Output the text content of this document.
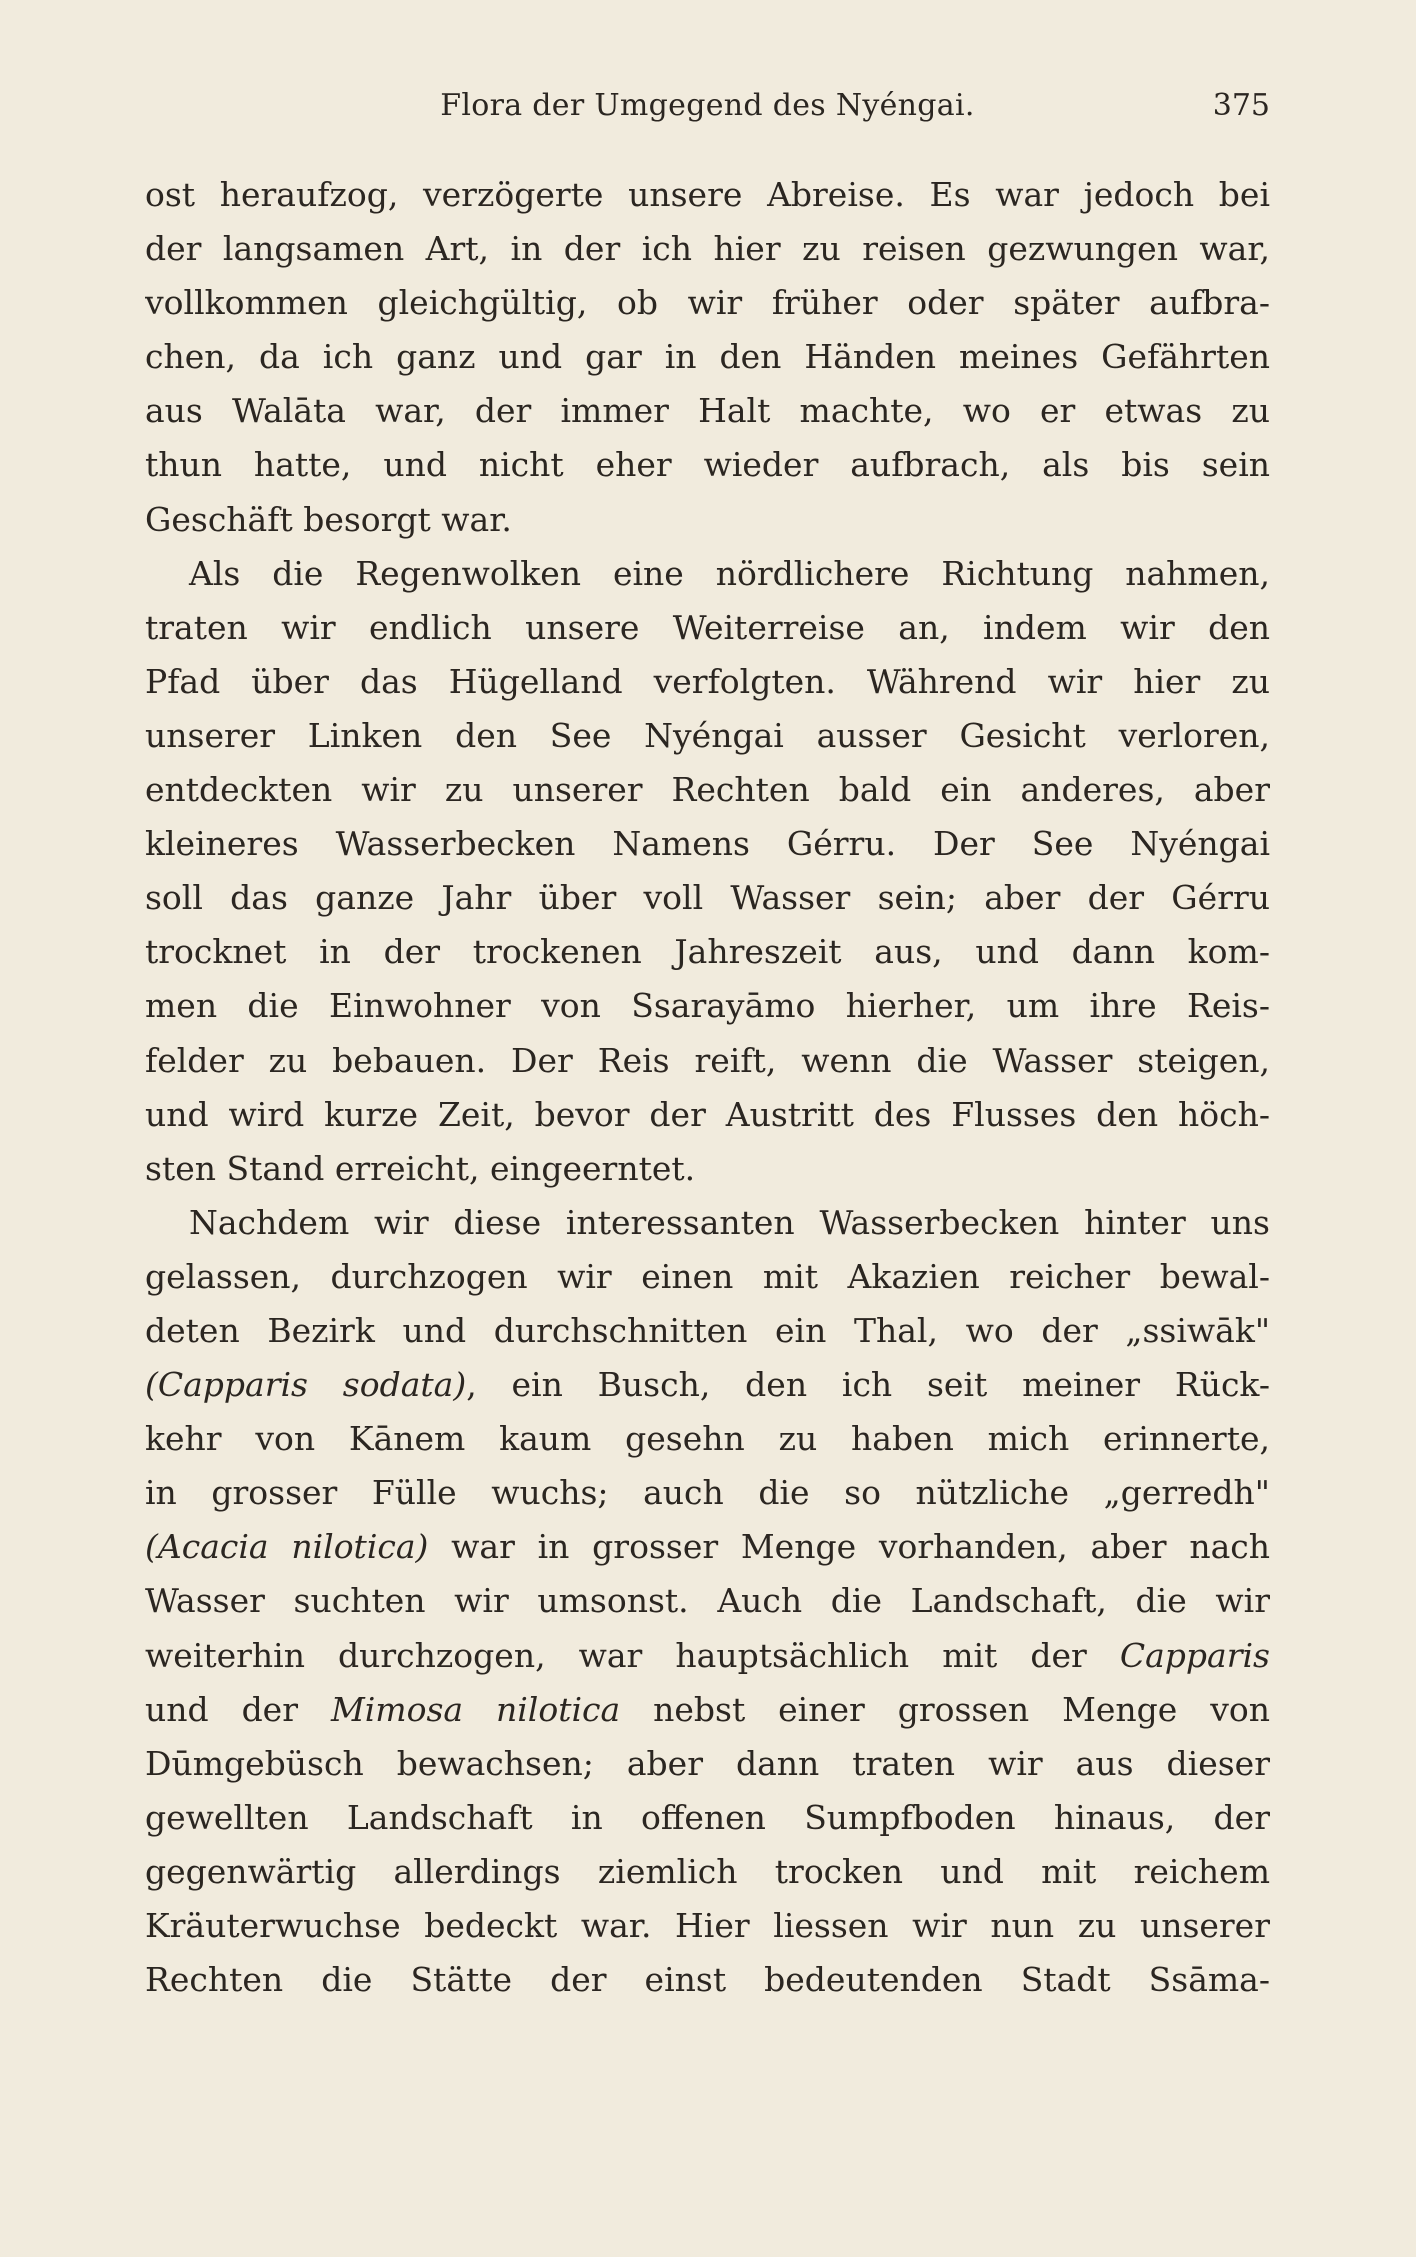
Flora der Umgegend des Nyéngai.	375
ost heraufzog, verzögerte unsere Abreise. Es war jedoch bei
der langsamen Art, in der ich hier zu reisen gezwungen war,
vollkommen gleichgültig, ob wir früher oder später aufbra-
chen, da ich ganz und gar in den Händen meines Gefährten
aus Walāta war, der immer Halt machte, wo er etwas zu
thun hatte, und nicht eher wieder aufbrach, als bis sein
Geschäft besorgt war.
Als die Regenwolken eine nördlichere Richtung nahmen,
traten wir endlich unsere Weiterreise an, indem wir den
Pfad über das Hügelland verfolgten. Während wir hier zu
unserer Linken den See Nyéngai ausser Gesicht verloren,
entdeckten wir zu unserer Rechten bald ein anderes, aber
kleineres Wasserbecken Namens Gérru. Der See Nyéngai
soll das ganze Jahr über voll Wasser sein; aber der Gérru
trocknet in der trockenen Jahreszeit aus, und dann kom-
men die Einwohner von Ssarayāmo hierher, um ihre Reis-
felder zu bebauen. Der Reis reift, wenn die Wasser steigen,
und wird kurze Zeit, bevor der Austritt des Flusses den höch-
sten Stand erreicht, eingeerntet.
Nachdem wir diese interessanten Wasserbecken hinter uns
gelassen, durchzogen wir einen mit Akazien reicher bewal-
deten Bezirk und durchschnitten ein Thal, wo der „ssiwāk"
(Capparis sodata), ein Busch, den ich seit meiner Rück-
kehr von Kānem kaum gesehn zu haben mich erinnerte,
in grosser Fülle wuchs; auch die so nützliche „gerredh"
(Acacia nilotica) war in grosser Menge vorhanden, aber nach
Wasser suchten wir umsonst. Auch die Landschaft, die wir
weiterhin durchzogen, war hauptsächlich mit der Capparis
und der Mimosa nilotica nebst einer grossen Menge von
Dūmgebüsch bewachsen; aber dann traten wir aus dieser
gewellten Landschaft in offenen Sumpfboden hinaus, der
gegenwärtig allerdings ziemlich trocken und mit reichem
Kräuterwuchse bedeckt war. Hier liessen wir nun zu unserer
Rechten die Stätte der einst bedeutenden Stadt Ssāma-
